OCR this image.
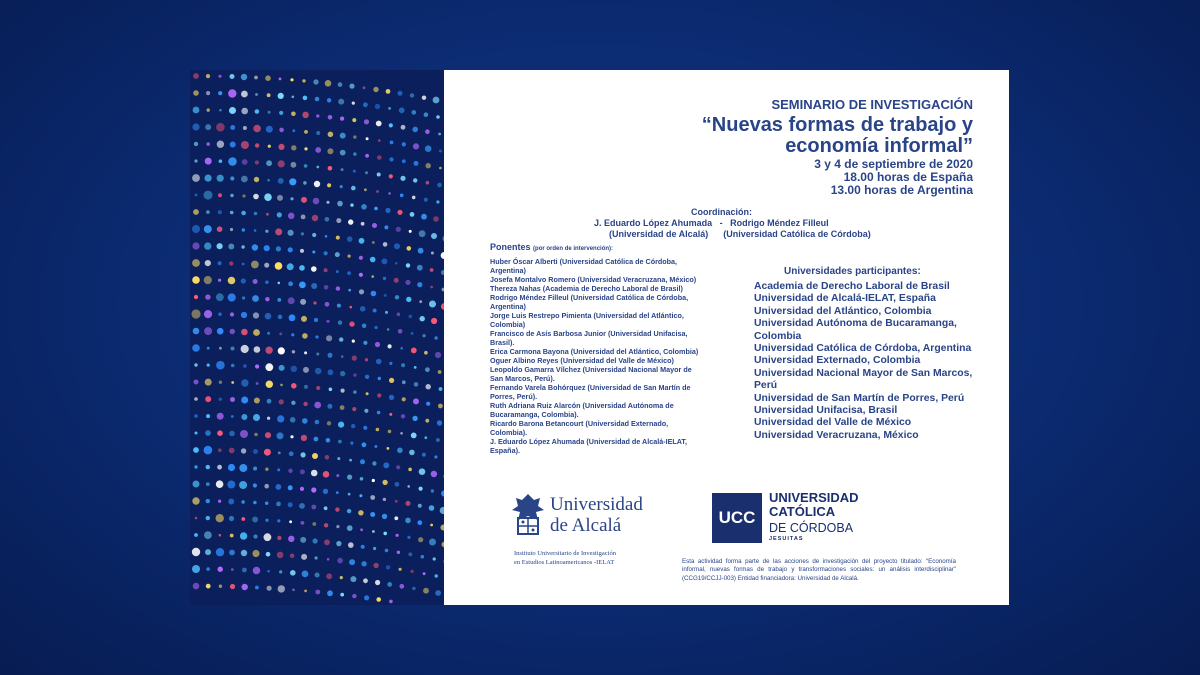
SEMINARIO DE INVESTIGACIÓN
“Nuevas formas de trabajo y economía informal”
3 y 4 de septiembre de 2020
18.00 horas de España
13.00 horas de Argentina
Coordinación:
J. Eduardo López Ahumada   -   Rodrigo Méndez Filleul
(Universidad de Alcalá)      (Universidad Católica de Córdoba)
Ponentes (por orden de intervención):
Huber Óscar Alberti (Universidad Católica de Córdoba, Argentina)
Josefa Montalvo Romero (Universidad Veracruzana, México)
Thereza Nahas (Academia de Derecho Laboral de Brasil)
Rodrigo Méndez Filleul (Universidad Católica de Córdoba, Argentina)
Jorge Luis Restrepo Pimienta (Universidad del Atlántico, Colombia)
Francisco de Asís Barbosa Junior (Universidad Unifacisa, Brasil).
Erica Carmona Bayona (Universidad del Atlántico, Colombia)
Oguer Albino Reyes (Universidad del Valle de México)
Leopoldo Gamarra Vílchez (Universidad Nacional Mayor de San Marcos, Perú).
Fernando Varela Bohórquez (Universidad de San Martín de Porres, Perú).
Ruth Adriana Ruiz Alarcón (Universidad Autónoma de Bucaramanga, Colombia).
Ricardo Barona Betancourt (Universidad Externado, Colombia).
J. Eduardo López Ahumada (Universidad de Alcalá-IELAT, España).
Universidades participantes:
Academia de Derecho Laboral de Brasil
Universidad de Alcalá-IELAT, España
Universidad del Atlántico, Colombia
Universidad Autónoma de Bucaramanga, Colombia
Universidad Católica de Córdoba, Argentina
Universidad Externado, Colombia
Universidad Nacional Mayor de San Marcos, Perú
Universidad de San Martín de Porres, Perú
Universidad Unifacisa, Brasil
Universidad del Valle de México
Universidad Veracruzana, México
Universidad
de Alcalá
Instituto Universitario de Investigación
en Estudios Latinoamericanos -IELAT
UCC
UNIVERSIDAD
CATÓLICA
DE CÓRDOBA
JESUITAS
Esta actividad forma parte de las acciones de investigación del proyecto titulado: “Economía informal, nuevas formas de trabajo y transformaciones sociales: un análisis interdisciplinar” (CCG19/CCJJ-003) Entidad financiadora: Universidad de Alcalá.
